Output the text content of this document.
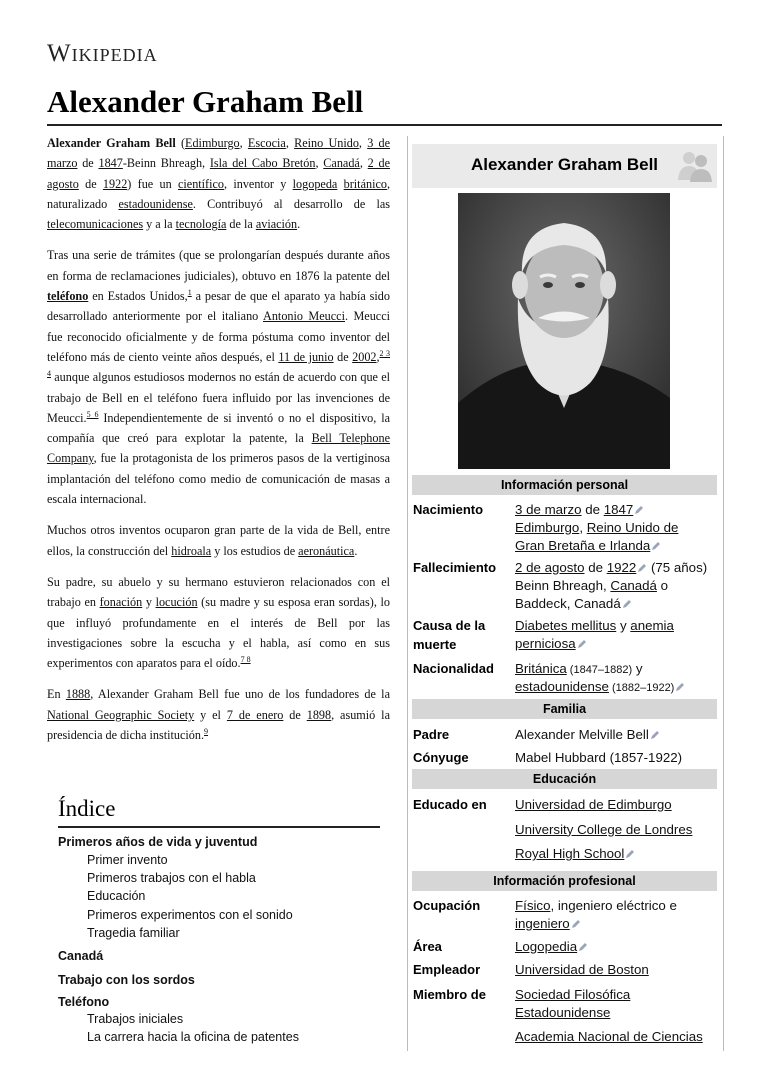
Wikipedia
Alexander Graham Bell

Alexander Graham Bell (Edimburgo, Escocia, Reino Unido, 3 de marzo de 1847-Beinn Bhreagh, Isla del Cabo Bretón, Canadá, 2 de agosto de 1922) fue un científico, inventor y logopeda británico, naturalizado estadounidense. Contribuyó al desarrollo de las telecomunicaciones y a la tecnología de la aviación.

Tras una serie de trámites (que se prolongarían después durante años en forma de reclamaciones judiciales), obtuvo en 1876 la patente del teléfono en Estados Unidos,$^1$ a pesar de que el aparato ya había sido desarrollado anteriormente por el italiano Antonio Meucci. Meucci fue reconocido oficialmente y de forma póstuma como inventor del teléfono más de ciento veinte años después, el 11 de junio de 2002,$^{2 3 4}$ aunque algunos estudiosos modernos no están de acuerdo con que el trabajo de Bell en el teléfono fuera influido por las invenciones de Meucci.$^{5 6}$ Independientemente de si inventó o no el dispositivo, la compañía que creó para explotar la patente, la Bell Telephone Company, fue la protagonista de los primeros pasos de la vertiginosa implantación del teléfono como medio de comunicación de masas a escala internacional.

Muchos otros inventos ocuparon gran parte de la vida de Bell, entre ellos, la construcción del hidroala y los estudios de aeronáutica.

Su padre, su abuelo y su hermano estuvieron relacionados con el trabajo en fonación y locución (su madre y su esposa eran sordas), lo que influyó profundamente en el interés de Bell por las investigaciones sobre la escucha y el habla, así como en sus experimentos con aparatos para el oído.$^{7 8}$

En 1888, Alexander Graham Bell fue uno de los fundadores de la National Geographic Society y el 7 de enero de 1898, asumió la presidencia de dicha institución.$^9$

Índice
Primeros años de vida y juventud
Primer invento
Primeros trabajos con el habla
Educación
Primeros experimentos con el sonido
Tragedia familiar
Canadá
Trabajo con los sordos
Teléfono
Trabajos iniciales
La carrera hacia la oficina de patentes
Alexander Graham Bell
Información personal
Familia
Educación
Información profesional
Nacimiento	3 de marzo de 1847
Edimburgo, Reino Unido de
Gran Bretaña e Irlanda
Fallecimiento	2 de agosto de 1922 (75 años)
Beinn Bhreagh, Canadá o
Baddeck, Canadá
Causa de la muerte
Diabetes mellitus y anemia
perniciosa
Nacionalidad	Británica (1847–1882) y
estadounidense (1882–1922)
Padre	Alexander Melville Bell
Cónyuge	Mabel Hubbard (1857-1922)
Educado en	Universidad de Edimburgo
University College de Londres
Royal High School
Ocupación	Físico, ingeniero eléctrico e
ingeniero
Área	Logopedia
Empleador	Universidad de Boston
Miembro de	Sociedad Filosófica
Estadounidense
Academia Nacional de Ciencias
